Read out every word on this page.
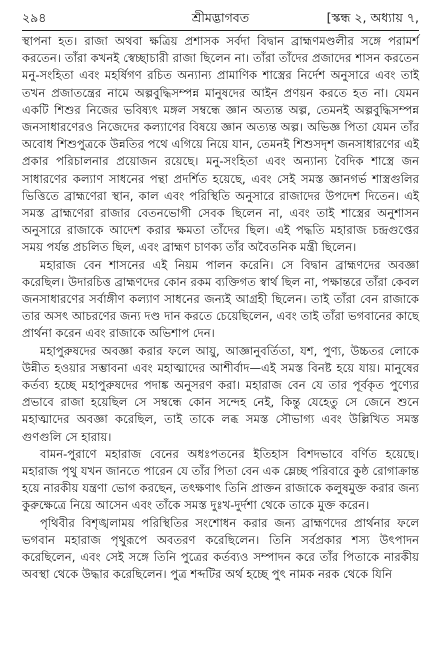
২৯৪	শ্রীমদ্ভাগবত	[স্কন্ধ ২, অধ্যায় ৭,

স্থাপনা হত। রাজা অথবা ক্ষত্রিয় প্রশাসক সর্বদা বিদ্বান ব্রাহ্মণমণ্ডলীর সঙ্গে পরামর্শ করতেন। তাঁরা কখনই স্বেচ্ছাচারী রাজা ছিলেন না। তাঁরা তাঁদের প্রজাদের শাসন করতেন মনু-সংহিতা এবং মহর্ষিগণ রচিত অন্যান্য প্রামাণিক শাস্ত্রের নির্দেশ অনুসারে এবং তাই তখন প্রজাতন্ত্রের নামে অল্পবুদ্ধিসম্পন্ন মানুষদের আইন প্রণয়ন করতে হত না। যেমন একটি শিশুর নিজের ভবিষ্যৎ মঙ্গল সম্বন্ধে জ্ঞান অত্যন্ত অল্প, তেমনই অল্পবুদ্ধিসম্পন্ন জনসাধারণেরও নিজেদের কল্যাণের বিষয়ে জ্ঞান অত্যন্ত অল্প। অভিজ্ঞ পিতা যেমন তাঁর অবোধ শিশুপুত্রকে উন্নতির পথে এগিয়ে নিয়ে যান, তেমনই শিশুসদৃশ জনসাধারণের এই প্রকার পরিচালনার প্রয়োজন রয়েছে। মনু-সংহিতা এবং অন্যান্য বৈদিক শাস্ত্রে জন সাধারণের কল্যাণ সাধনের পন্থা প্রদর্শিত হয়েছে, এবং সেই সমস্ত জ্ঞানগর্ভ শাস্ত্রগুলির ভিত্তিতে ব্রাহ্মণেরা স্থান, কাল এবং পরিস্থিতি অনুসারে রাজাদের উপদেশ দিতেন। এই সমস্ত ব্রাহ্মণেরা রাজার বেতনভোগী সেবক ছিলেন না, এবং তাই শাস্ত্রের অনুশাসন অনুসারে রাজাকে আদেশ করার ক্ষমতা তাঁদের ছিল। এই পদ্ধতি মহারাজ চন্দ্রগুপ্তের সময় পর্যন্ত প্রচলিত ছিল, এবং ব্রাহ্মণ চাণক্য তাঁর অবৈতনিক মন্ত্রী ছিলেন।

মহারাজ বেন শাসনের এই নিয়ম পালন করেনি। সে বিদ্বান ব্রাহ্মণদের অবজ্ঞা করেছিল। উদারচিত্ত ব্রাহ্মণদের কোন রকম ব্যক্তিগত স্বার্থ ছিল না, পক্ষান্তরে তাঁরা কেবল জনসাধারণের সর্বাঙ্গীণ কল্যাণ সাধনের জন্যই আগ্রহী ছিলেন। তাই তাঁরা বেন রাজাকে তার অসৎ আচরণের জন্য দণ্ড দান করতে চেয়েছিলেন, এবং তাই তাঁরা ভগবানের কাছে প্রার্থনা করেন এবং রাজাকে অভিশাপ দেন।

মহাপুরুষদের অবজ্ঞা করার ফলে আয়ু, আজ্ঞানুবর্তিতা, যশ, পুণ্য, উচ্চতর লোকে উন্নীত হওয়ার সম্ভাবনা এবং মহাত্মাদের আশীর্বাদ—এই সমস্ত বিনষ্ট হয়ে যায়। মানুষের কর্তব্য হচ্ছে মহাপুরুষদের পদাঙ্ক অনুসরণ করা। মহারাজ বেন যে তার পূর্বকৃত পুণ্যের প্রভাবে রাজা হয়েছিল সে সম্বন্ধে কোন সন্দেহ নেই, কিন্তু যেহেতু সে জেনে শুনে মহাত্মাদের অবজ্ঞা করেছিল, তাই তাকে লব্ধ সমস্ত সৌভাগ্য এবং উল্লিখিত সমস্ত গুণগুলি সে হারায়।

বামন-পুরাণে মহারাজ বেনের অধঃপতনের ইতিহাস বিশদভাবে বর্ণিত হয়েছে। মহারাজ পৃথু যখন জানতে পারেন যে তাঁর পিতা বেন এক ম্লেচ্ছ পরিবারে কুষ্ঠ রোগাক্রান্ত হয়ে নারকীয় যন্ত্রণা ভোগ করছেন, তৎক্ষণাৎ তিনি প্রাক্তন রাজাকে কলুষমুক্ত করার জন্য কুরুক্ষেত্রে নিয়ে আসেন এবং তাঁকে সমস্ত দুঃখ-দুর্দশা থেকে তাকে মুক্ত করেন।

পৃথিবীর বিশৃঙ্খলাময় পরিস্থিতির সংশোধন করার জন্য ব্রাহ্মণদের প্রার্থনার ফলে ভগবান মহারাজ পৃথুরূপে অবতরণ করেছিলেন। তিনি সর্বপ্রকার শস্য উৎপাদন করেছিলেন, এবং সেই সঙ্গে তিনি পুত্রের কর্তব্যও সম্পাদন করে তাঁর পিতাকে নারকীয় অবস্থা থেকে উদ্ধার করেছিলেন। পুত্র শব্দটির অর্থ হচ্ছে পুৎ নামক নরক থেকে যিনি
